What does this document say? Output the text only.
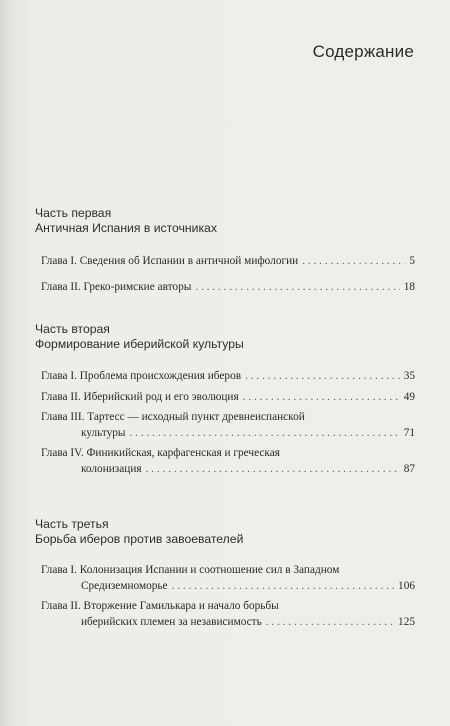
Содержание
Часть первая
Античная Испания в источниках
Глава I. Сведения об Испании в античной мифологии . . .	5
Глава II. Греко-римские авторы . . .	18
Часть вторая
Формирование иберийской культуры
Глава I. Проблема происхождения иберов . . .	35
Глава II. Иберийский род и его эволюция . . .	49
Глава III. Тартесс — исходный пункт древнеиспанской
культуры . . .	71
Глава IV. Финикийская, карфагенская и греческая
колонизация . . .	87
Часть третья
Борьба иберов против завоевателей
Глава I. Колонизация Испании и соотношение сил в Западном
Средиземноморье . . .	106
Глава II. Вторжение Гамилькара и начало борьбы
иберийских племен за независимость . . .	125
